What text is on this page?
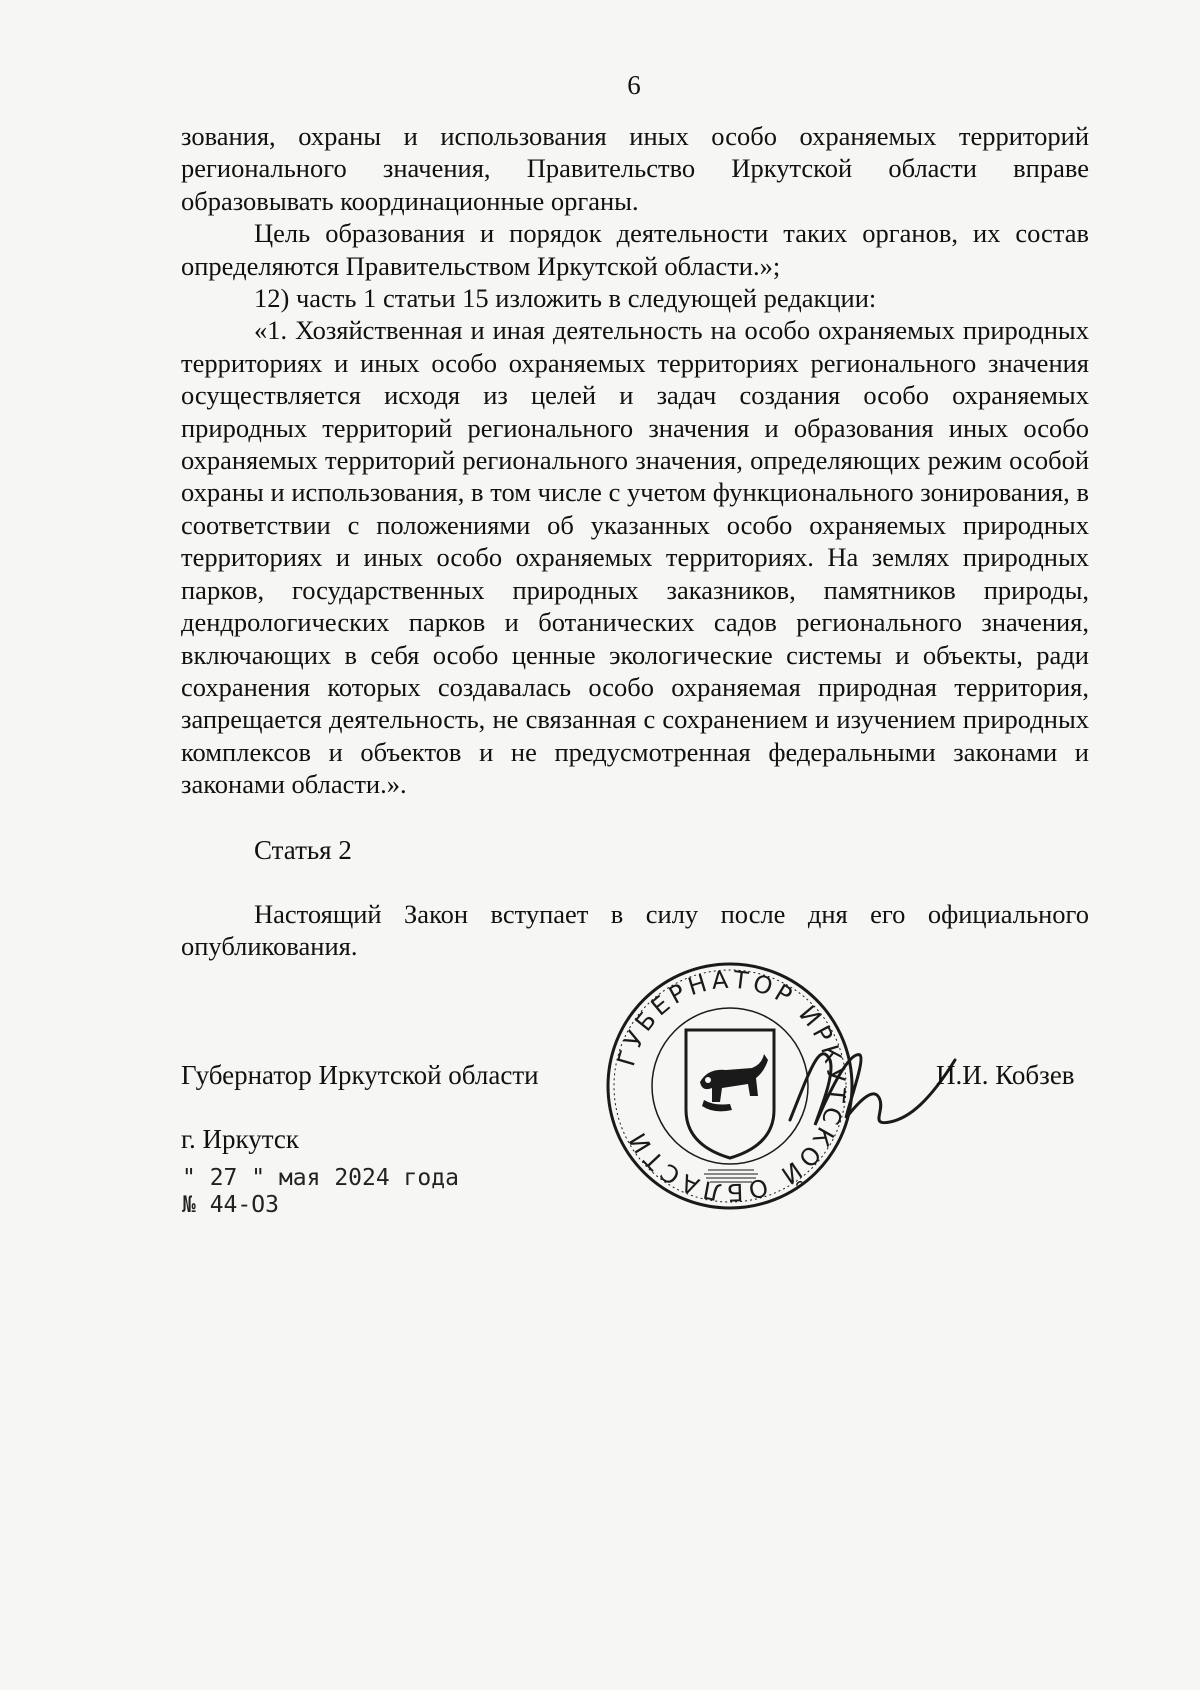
6

зования, охраны и использования иных особо охраняемых территорий регионального значения, Правительство Иркутской области вправе образовывать координационные органы.

Цель образования и порядок деятельности таких органов, их состав определяются Правительством Иркутской области.»;

12) часть 1 статьи 15 изложить в следующей редакции:

«1. Хозяйственная и иная деятельность на особо охраняемых природных территориях и иных особо охраняемых территориях регионального значения осуществляется исходя из целей и задач создания особо охраняемых природных территорий регионального значения и образования иных особо охраняемых территорий регионального значения, определяющих режим особой охраны и использования, в том числе с учетом функционального зонирования, в соответствии с положениями об указанных особо охраняемых природных территориях и иных особо охраняемых территориях. На землях природных парков, государственных природных заказников, памятников природы, дендрологических парков и ботанических садов регионального значения, включающих в себя особо ценные экологические системы и объекты, ради сохранения которых создавалась особо охраняемая природная территория, запрещается деятельность, не связанная с сохранением и изучением природных комплексов и объектов и не предусмотренная федеральными законами и законами области.».

Статья 2

Настоящий Закон вступает в силу после дня его официального опубликования.

Губернатор Иркутской области
ГУБЕРНАТОР ИРКУТСКОЙ ОБЛАСТИ
И.И. Кобзев
г. Иркутск
" 27 " мая 2024 года
№ 44-ОЗ
